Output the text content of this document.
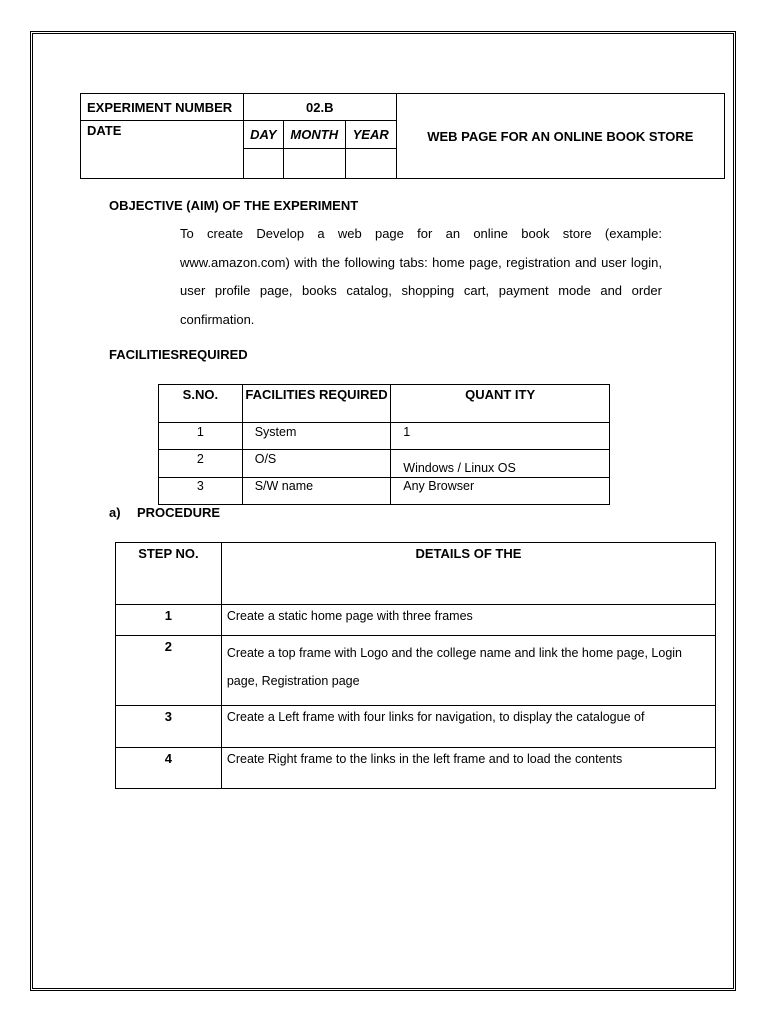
EXPERIMENT NUMBER	02.B			WEB PAGE FOR AN ONLINE BOOK STORE
DATE	DAY	MONTH	YEAR	

OBJECTIVE (AIM) OF THE EXPERIMENT
To create Develop a web page for an online book store (example: www.amazon.com) with the following tabs: home page, registration and user login, user profile page, books catalog, shopping cart, payment mode and order confirmation.
FACILITIESREQUIRED
S.NO.	FACILITIES REQUIRED	QUANT ITY
1	System	1
2	O/S	Windows / Linux OS
3	S/W name	Any Browser
a) PROCEDURE
STEP NO.	DETAILS OF THE
1	Create a static home page with three frames
2	Create a top frame with Logo and the college name and link the home page, Login page, Registration page
3	Create a Left frame with four links for navigation, to display the catalogue of
4	Create Right frame to the links in the left frame and to load the contents
